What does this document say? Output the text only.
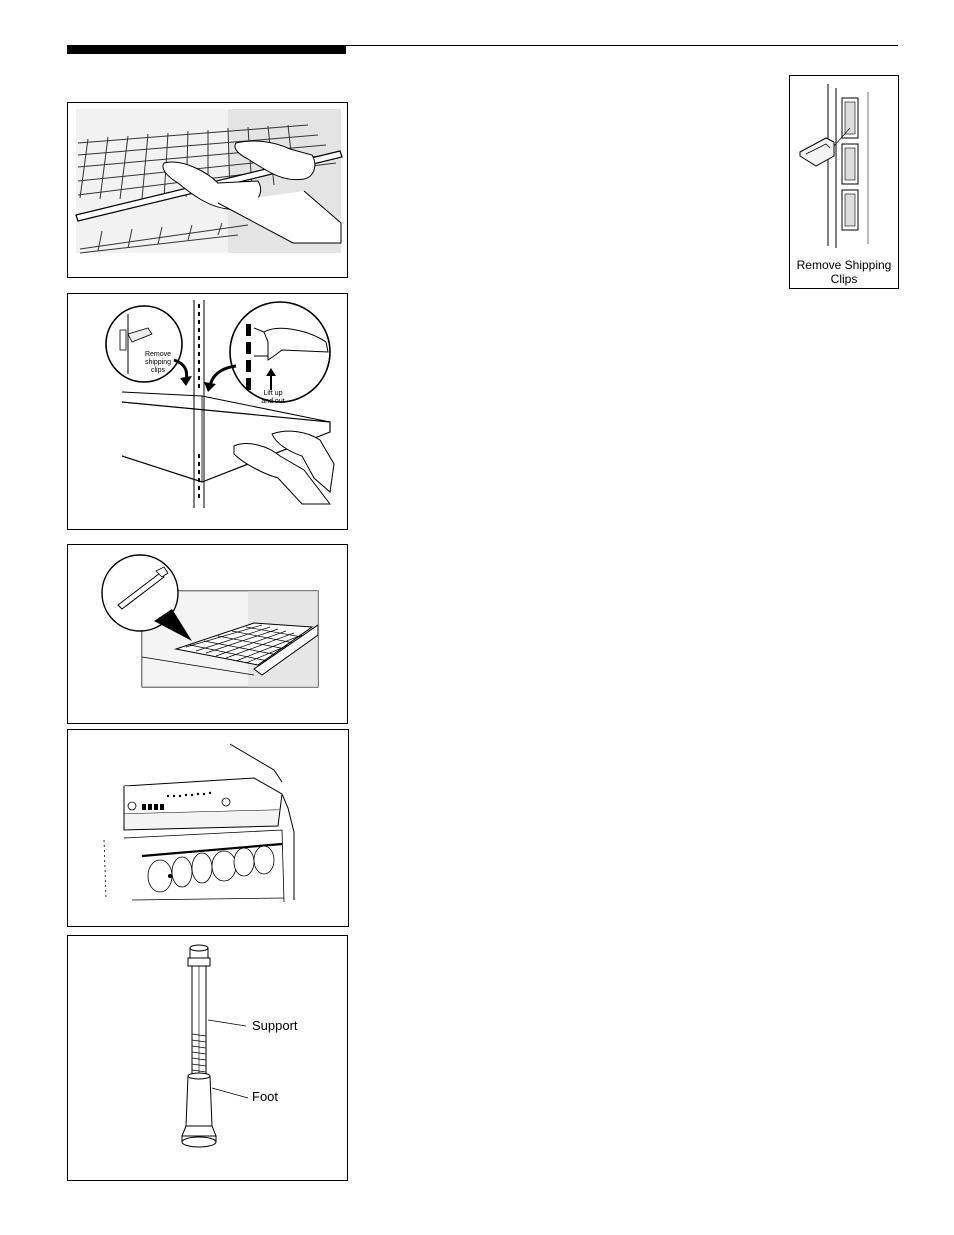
Remove Shipping Clips
Remove shipping clips
Lift up and out
Support
Foot
